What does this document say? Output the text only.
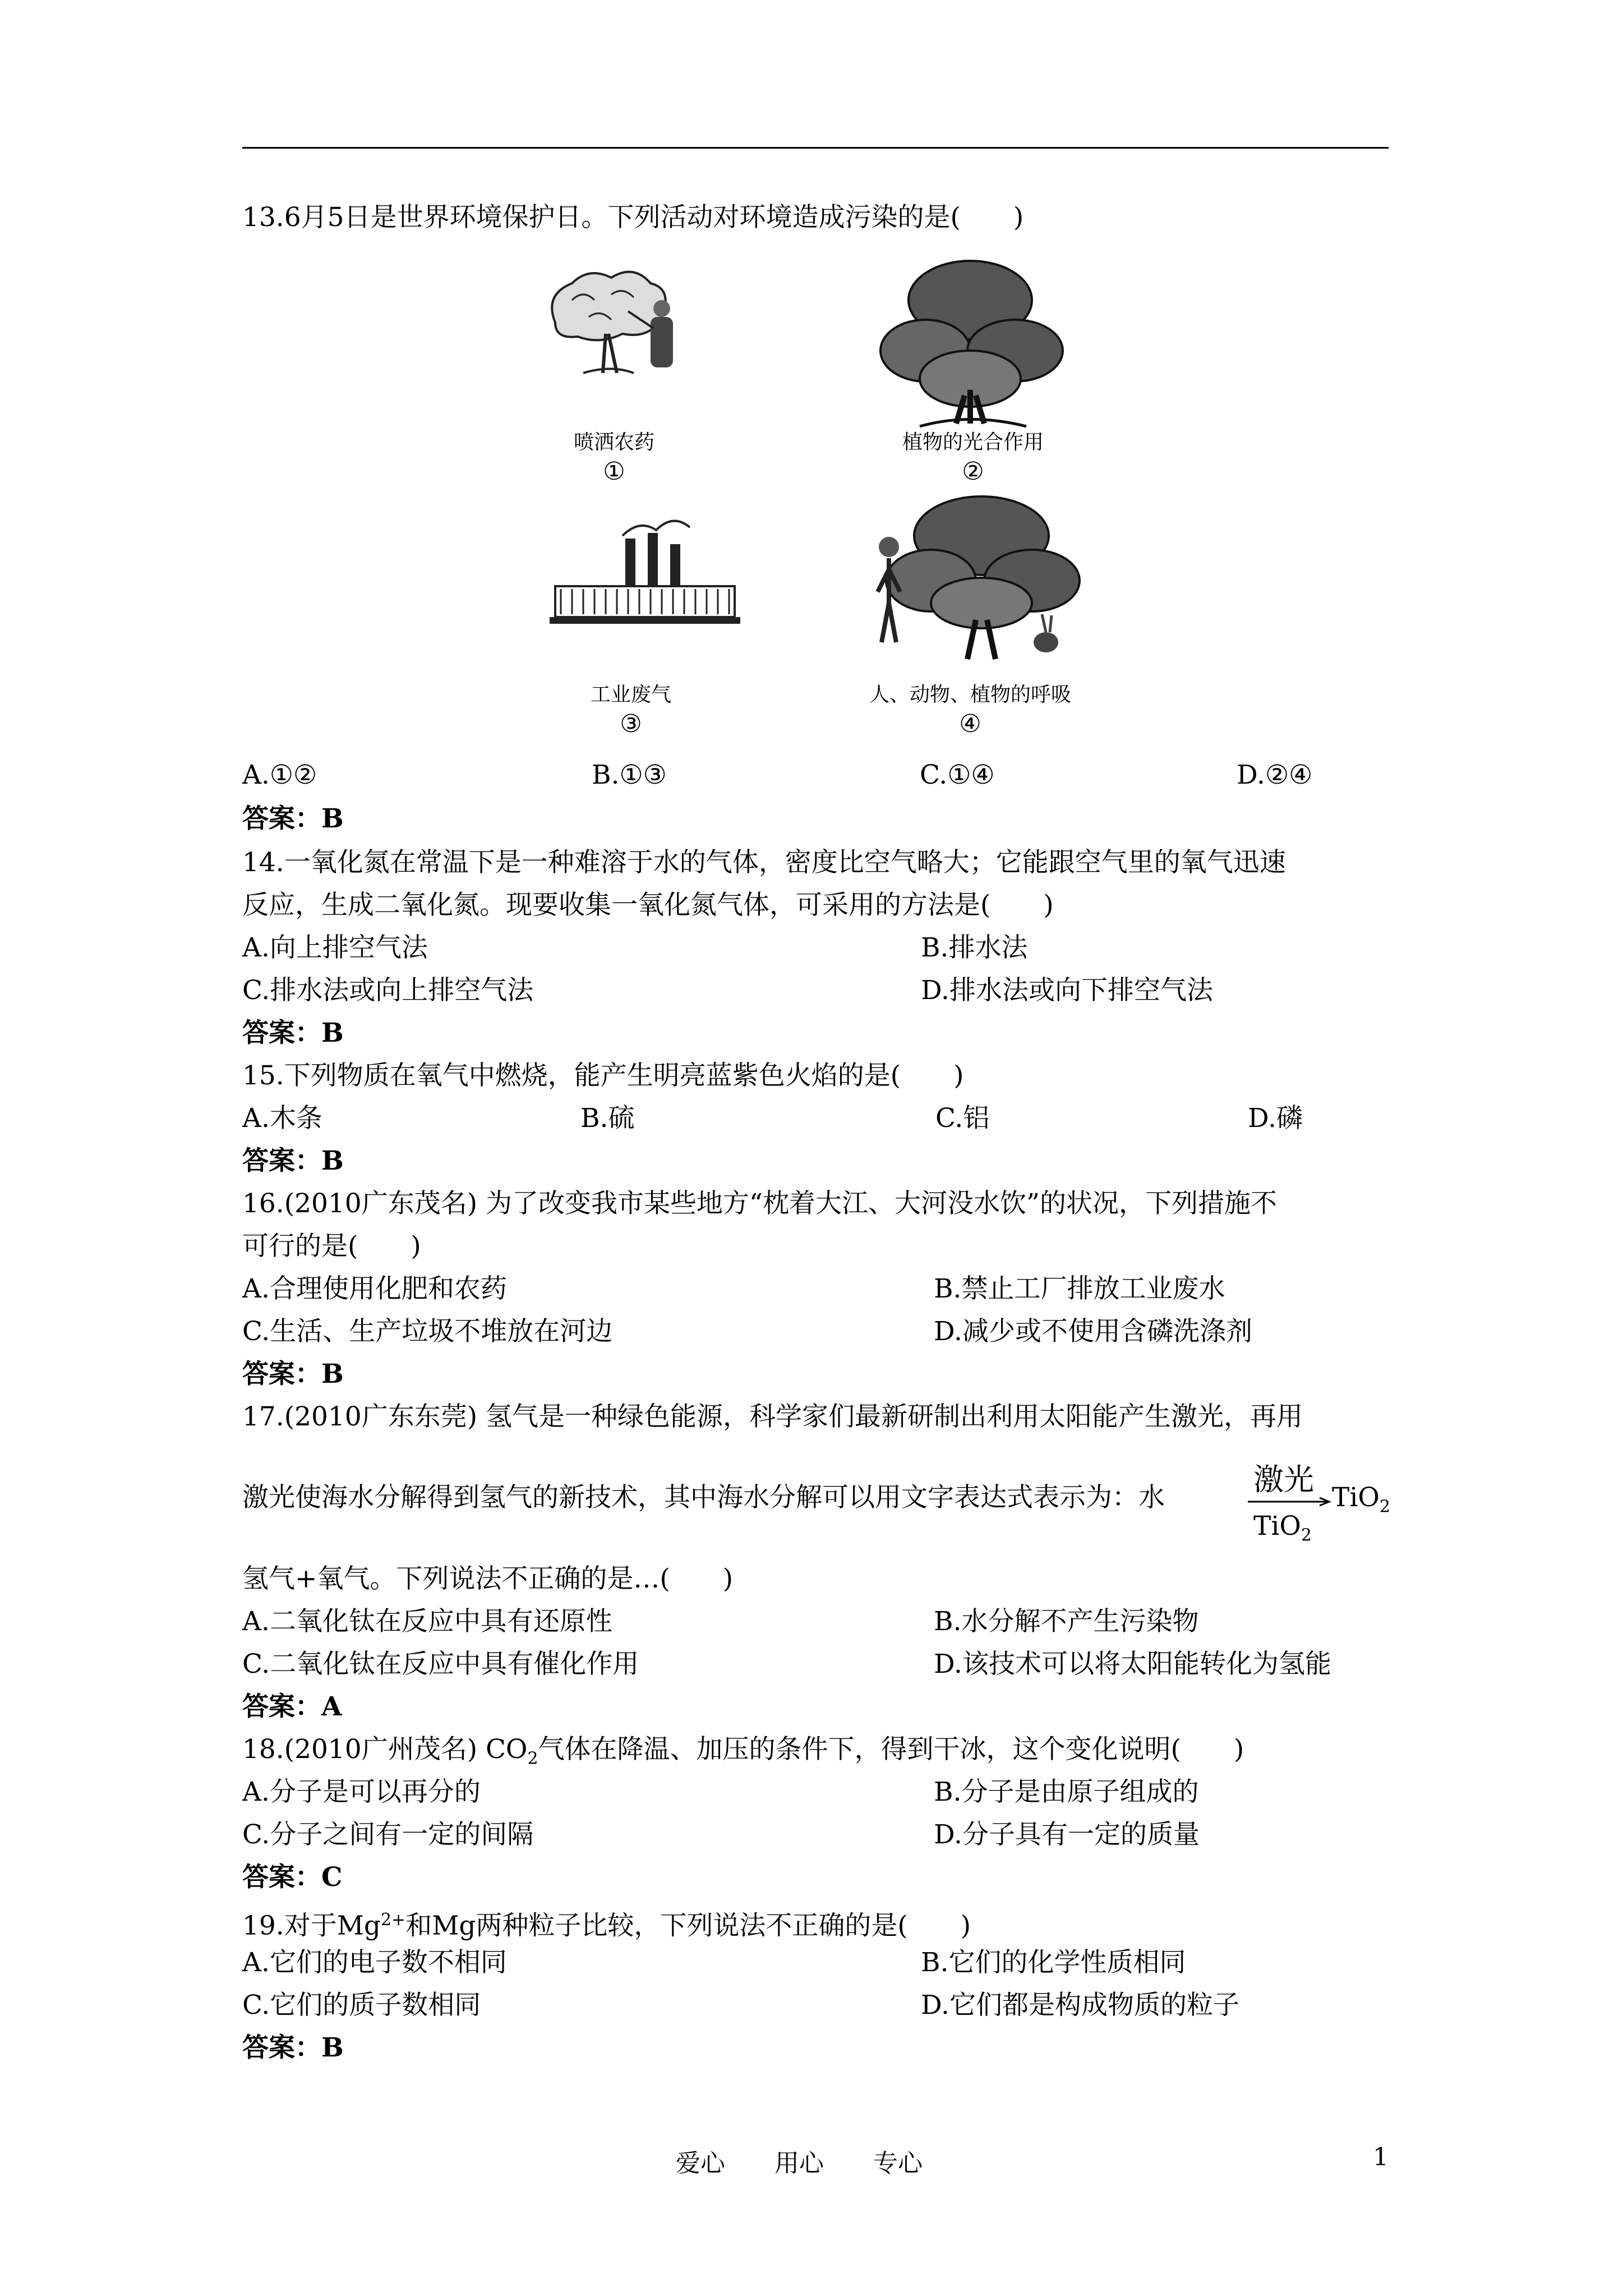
13.6月5日是世界环境保护日。下列活动对环境造成污染的是(　　)
喷洒农药
①
植物的光合作用
②
工业废气
③
人、动物、植物的呼吸
④
A.①②	B.①③	C.①④	D.②④
答案：B
14.一氧化氮在常温下是一种难溶于水的气体，密度比空气略大；它能跟空气里的氧气迅速
反应，生成二氧化氮。现要收集一氧化氮气体，可采用的方法是(　　)
A.向上排空气法	B.排水法
C.排水法或向上排空气法	D.排水法或向下排空气法
答案：B
15.下列物质在氧气中燃烧，能产生明亮蓝紫色火焰的是(　　)
A.木条	B.硫	C.铝	D.磷
答案：B
16.(2010广东茂名) 为了改变我市某些地方“枕着大江、大河没水饮”的状况，下列措施不
可行的是(　　)
A.合理使用化肥和农药	B.禁止工厂排放工业废水
C.生活、生产垃圾不堆放在河边	D.减少或不使用含磷洗涤剂
答案：B
17.(2010广东东莞) 氢气是一种绿色能源，科学家们最新研制出利用太阳能产生激光，再用
激光使海水分解得到氢气的新技术，其中海水分解可以用文字表达式表示为：水
激光
TiO$_2$
TiO$_2$
氢气+氧气。下列说法不正确的是…(　　)
A.二氧化钛在反应中具有还原性	B.水分解不产生污染物
C.二氧化钛在反应中具有催化作用	D.该技术可以将太阳能转化为氢能
答案：A
18.(2010广州茂名) $CO_2$气体在降温、加压的条件下，得到干冰，这个变化说明(　　)
A.分子是可以再分的	B.分子是由原子组成的
C.分子之间有一定的间隔	D.分子具有一定的质量
答案：C
19.对于$Mg^{2+}$和Mg两种粒子比较，下列说法不正确的是(　　)
A.它们的电子数不相同	B.它们的化学性质相同
C.它们的质子数相同	D.它们都是构成物质的粒子
答案：B
爱心　　用心　　专心	1
